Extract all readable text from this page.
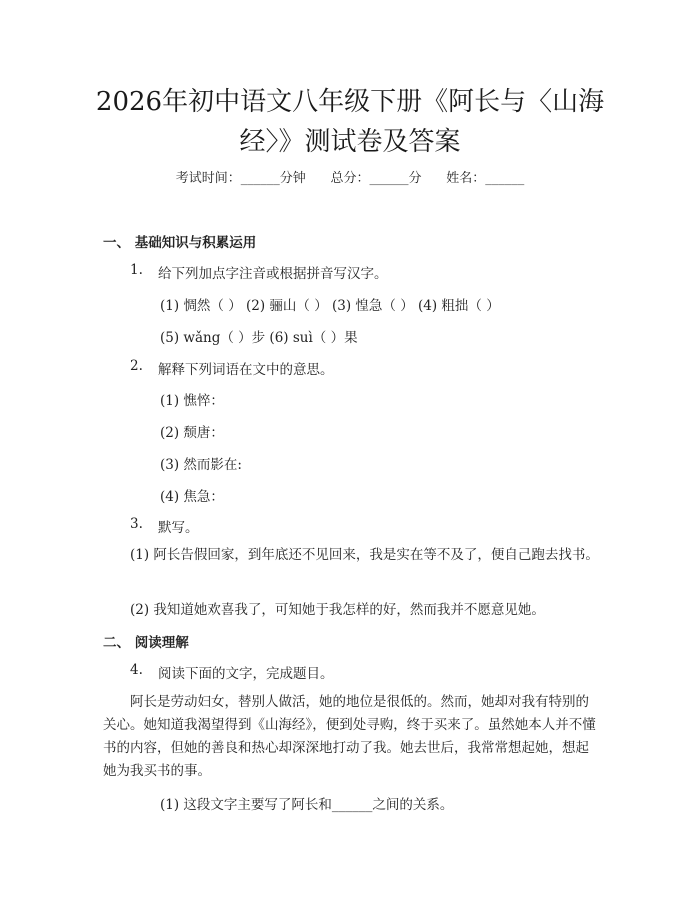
2026年初中语文八年级下册《阿长与〈山海经〉》测试卷及答案
考试时间：______分钟      总分：______分      姓名：______
一、 基础知识与积累运用
1. 给下列加点字注音或根据拼音写汉字。
(1) 惆然（ ） (2) 骊山（ ） (3) 惶急（ ） (4) 粗拙（ ）
(5) wǎng（ ）步 (6) suì（ ）果
2. 解释下列词语在文中的意思。
(1) 憔悴：
(2) 颓唐：
(3) 然而影在:
(4) 焦急：
3. 默写。
(1) 阿长告假回家，到年底还不见回来，我是实在等不及了，便自己跑去找书。
(2) 我知道她欢喜我了，可知她于我怎样的好，然而我并不愿意见她。
二、 阅读理解
4. 阅读下面的文字，完成题目。
阿长是劳动妇女，替别人做活，她的地位是很低的。然而，她却对我有特别的关心。她知道我渴望得到《山海经》，便到处寻购，终于买来了。虽然她本人并不懂书的内容，但她的善良和热心却深深地打动了我。她去世后，我常常想起她，想起她为我买书的事。
(1) 这段文字主要写了阿长和______之间的关系。
